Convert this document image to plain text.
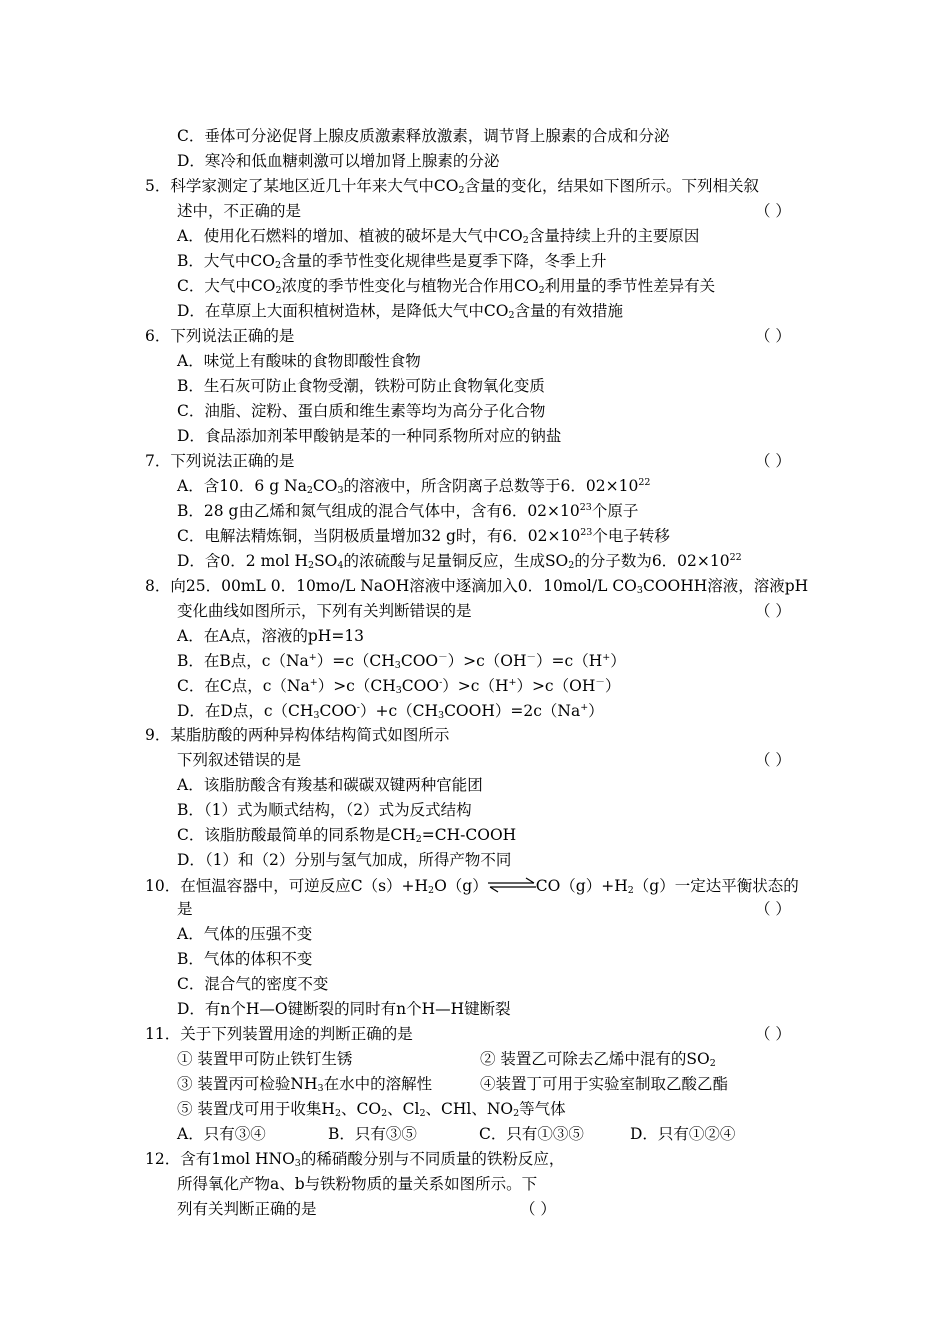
C．垂体可分泌促肾上腺皮质激素释放激素，调节肾上腺素的合成和分泌
D．寒冷和低血糖刺激可以增加肾上腺素的分泌
5．科学家测定了某地区近几十年来大气中$CO_2$含量的变化，结果如下图所示。下列相关叙
述中，不正确的是	（ ）
A．使用化石燃料的增加、植被的破坏是大气中$CO_2$含量持续上升的主要原因
B．大气中$CO_2$含量的季节性变化规律些是夏季下降，冬季上升
C．大气中$CO_2$浓度的季节性变化与植物光合作用$CO_2$利用量的季节性差异有关
D．在草原上大面积植树造林，是降低大气中$CO_2$含量的有效措施
6．下列说法正确的是	（ ）
A．味觉上有酸味的食物即酸性食物
B．生石灰可防止食物受潮，铁粉可防止食物氧化变质
C．油脂、淀粉、蛋白质和维生素等均为高分子化合物
D．食品添加剂苯甲酸钠是苯的一种同系物所对应的钠盐
7．下列说法正确的是	（ ）
A．含10．6 g $Na_2CO_3$的溶液中，所含阴离子总数等于6．$02\times 10^{22}$
B．28 g由乙烯和氮气组成的混合气体中，含有6．$02\times 10^{23}$个原子
C．电解法精炼铜，当阴极质量增加32 g时，有6．$02\times 10^{23}$个电子转移
D．含0．2 mol $H_2SO_4$的浓硫酸与足量铜反应，生成$SO_2$的分子数为6．$02\times 10^{22}$
8．向25．00mL 0．10mo/L NaOH溶液中逐滴加入0．10mol/L $CO_3COOHH$溶液，溶液pH
变化曲线如图所示，下列有关判断错误的是	（ ）
A．在A点，溶液的pH=13
B．在B点，$c(Na^+)=c(CH_3COO^-)>c(OH^-)=c(H^+)$
C．在C点，$c(Na^+)>c(CH_3COO^-)>c(H^+)>c(OH^-)$
D．在D点，$c(CH_3COO^-)+c(CH_3COOH)=2c(Na^+)$
9．某脂肪酸的两种异构体结构简式如图所示
下列叙述错误的是	（ ）
A．该脂肪酸含有羧基和碳碳双键两种官能团
B．（1）式为顺式结构，（2）式为反式结构
C．该脂肪酸最简单的同系物是$CH_2=CH$-COOH
D．（1）和（2）分别与氢气加成，所得产物不同
10．在恒温容器中，可逆反应$C(s)+H_2O(g)\rightleftharpoons CO(g)+H_2(g)$一定达平衡状态的
是	（ ）
A．气体的压强不变
B．气体的体积不变
C．混合气的密度不变
D．有n个H—O键断裂的同时有n个H—H键断裂
11．关于下列装置用途的判断正确的是	（ ）
① 装置甲可防止铁钉生锈	② 装置乙可除去乙烯中混有的$SO_2$
③ 装置丙可检验$NH_3$在水中的溶解性	④装置丁可用于实验室制取乙酸乙酯
⑤ 装置戊可用于收集$H_2$、$CO_2$、$Cl_2$、CHl、$NO_2$等气体
A．只有③④	B．只有③⑤	C．只有①③⑤	D．只有①②④
12．含有1mol $HNO_3$的稀硝酸分别与不同质量的铁粉反应，
所得氧化产物a、b与铁粉物质的量关系如图所示。下
列有关判断正确的是	（ ）
